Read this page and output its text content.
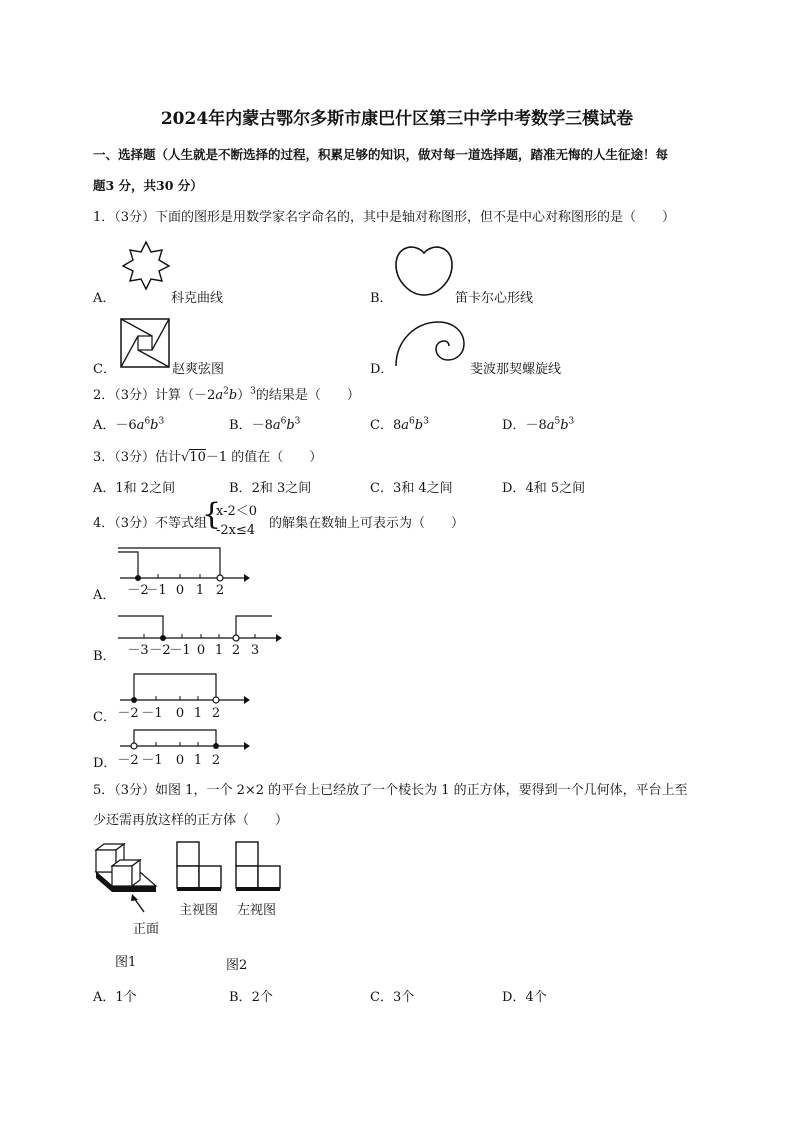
2024年内蒙古鄂尔多斯市康巴什区第三中学中考数学三模试卷
一、选择题（人生就是不断选择的过程，积累足够的知识，做对每一道选择题，踏准无悔的人生征途！每
题3 分，共30 分）
1．（3分）下面的图形是用数学家名字命名的，其中是轴对称图形，但不是中心对称图形的是（　　）
A．	科克曲线	B．	笛卡尔心形线
C．	赵爽弦图	D．	斐波那契螺旋线
2．（3分）计算$(-2a^2b)^3$的结果是（　　）
A．$-6a^6b^3$	B．$-8a^6b^3$	C．$8a^6b^3$	D．$-8a^5b^3$
3．（3分）估计√10－1 的值在（　　）
A．1和 2之间	B．2和 3之间	C．3和 4之间	D．4和 5之间
4．（3分）不等式组
{
x-2＜0
-2x≤4 的解集在数轴上可表示为（　　）
A． －2
－1 0 1 2
B． －3 －2
－1 0 1 2 3
C． －2 －1 0 1 2
D． －2 －1 0 1 2
5．（3分）如图 1，一个 2×2 的平台上已经放了一个棱长为 1 的正方体，要得到一个几何体，平台上至
少还需再放这样的正方体（　　）
正面
主视图 左视图
图1	图2
A．1个	B．2个	C．3个	D．4个
